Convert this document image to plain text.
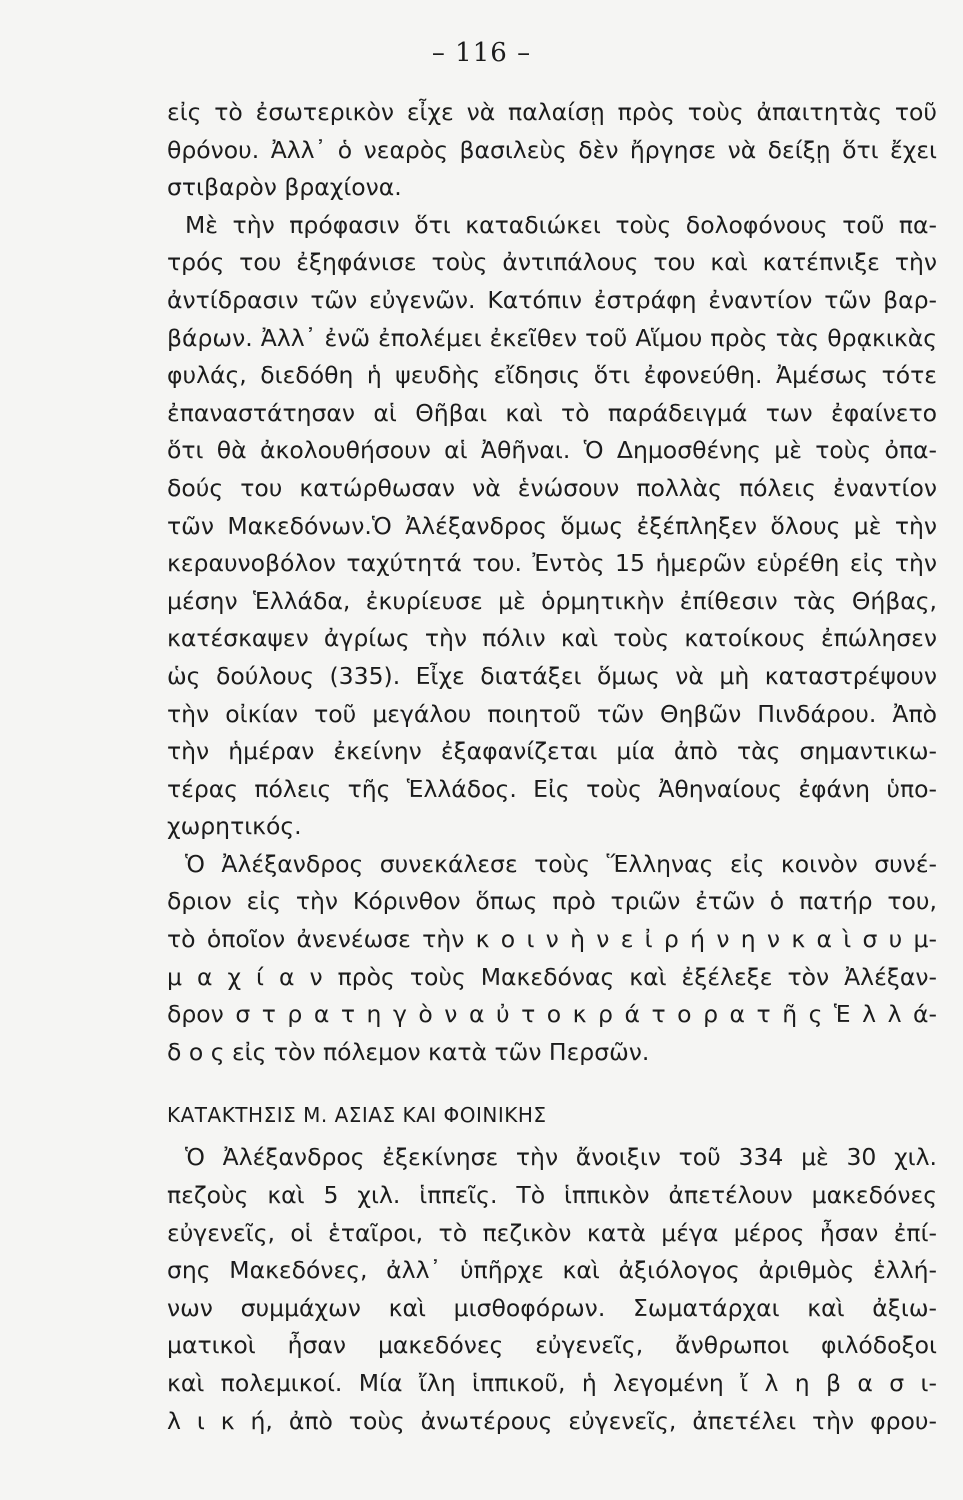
– 116 –
εἰς τὸ ἐσωτερικὸν εἶχε νὰ παλαίσῃ πρὸς τοὺς ἀπαιτητὰς τοῦ
θρόνου. Ἀλλ᾽ ὁ νεαρὸς βασιλεὺς δὲν ἤργησε νὰ δείξῃ ὅτι ἔχει
στιβαρὸν βραχίονα.
Μὲ τὴν πρόφασιν ὅτι καταδιώκει τοὺς δολοφόνους τοῦ πα-
τρός του ἐξηφάνισε τοὺς ἀντιπάλους του καὶ κατέπνιξε τὴν
ἀντίδρασιν τῶν εὐγενῶν. Κατόπιν ἐστράφη ἐναντίον τῶν βαρ-
βάρων. Ἀλλ᾽ ἐνῶ ἐπολέμει ἐκεῖθεν τοῦ Αἵμου πρὸς τὰς θρᾳκικὰς
φυλάς, διεδόθη ἡ ψευδὴς εἴδησις ὅτι ἐφονεύθη. Ἀμέσως τότε
ἐπαναστάτησαν αἱ Θῆβαι καὶ τὸ παράδειγμά των ἐφαίνετο
ὅτι θὰ ἀκολουθήσουν αἱ Ἀθῆναι. Ὁ Δημοσθένης μὲ τοὺς ὀπα-
δούς του κατώρθωσαν νὰ ἑνώσουν πολλὰς πόλεις ἐναντίον
τῶν Μακεδόνων.Ὁ Ἀλέξανδρος ὅμως ἐξέπληξεν ὅλους μὲ τὴν
κεραυνοβόλον ταχύτητά του. Ἐντὸς 15 ἡμερῶν εὑρέθη εἰς τὴν
μέσην Ἑλλάδα, ἐκυρίευσε μὲ ὁρμητικὴν ἐπίθεσιν τὰς Θήβας,
κατέσκαψεν ἀγρίως τὴν πόλιν καὶ τοὺς κατοίκους ἐπώλησεν
ὡς δούλους (335). Εἶχε διατάξει ὅμως νὰ μὴ καταστρέψουν
τὴν οἰκίαν τοῦ μεγάλου ποιητοῦ τῶν Θηβῶν Πινδάρου. Ἀπὸ
τὴν ἡμέραν ἐκείνην ἐξαφανίζεται μία ἀπὸ τὰς σημαντικω-
τέρας πόλεις τῆς Ἑλλάδος. Εἰς τοὺς Ἀθηναίους ἐφάνη ὑπο-
χωρητικός.
Ὁ Ἀλέξανδρος συνεκάλεσε τοὺς Ἕλληνας εἰς κοινὸν συνέ-
δριον εἰς τὴν Κόρινθον ὅπως πρὸ τριῶν ἐτῶν ὁ πατήρ του,
τὸ ὁποῖον ἀνενέωσε τὴν κ ο ι ν ὴ ν ε ἰ ρ ή ν η ν κ α ὶ σ υ μ-
μ α χ ί α ν πρὸς τοὺς Μακεδόνας καὶ ἐξέλεξε τὸν Ἀλέξαν-
δρον σ τ ρ α τ η γ ὸ ν α ὐ τ ο κ ρ ά τ ο ρ α τ ῆ ς Ἑ λ λ ά-
δ ο ς εἰς τὸν πόλεμον κατὰ τῶν Περσῶν.
ΚΑΤΑΚΤΗΣΙΣ Μ. ΑΣΙΑΣ ΚΑΙ ΦΟΙΝΙΚΗΣ
Ὁ Ἀλέξανδρος ἐξεκίνησε τὴν ἄνοιξιν τοῦ 334 μὲ 30 χιλ.
πεζοὺς καὶ 5 χιλ. ἱππεῖς. Τὸ ἱππικὸν ἀπετέλουν μακεδόνες
εὐγενεῖς, οἱ ἑταῖροι, τὸ πεζικὸν κατὰ μέγα μέρος ἦσαν ἐπί-
σης Μακεδόνες, ἀλλ᾽ ὑπῆρχε καὶ ἀξιόλογος ἀριθμὸς ἑλλή-
νων συμμάχων καὶ μισθοφόρων. Σωματάρχαι καὶ ἀξιω-
ματικοὶ ἦσαν μακεδόνες εὐγενεῖς, ἄνθρωποι φιλόδοξοι
καὶ πολεμικοί. Μία ἴλη ἱππικοῦ, ἡ λεγομένη ἴ λ η β α σ ι-
λ ι κ ή, ἀπὸ τοὺς ἀνωτέρους εὐγενεῖς, ἀπετέλει τὴν φρου-
